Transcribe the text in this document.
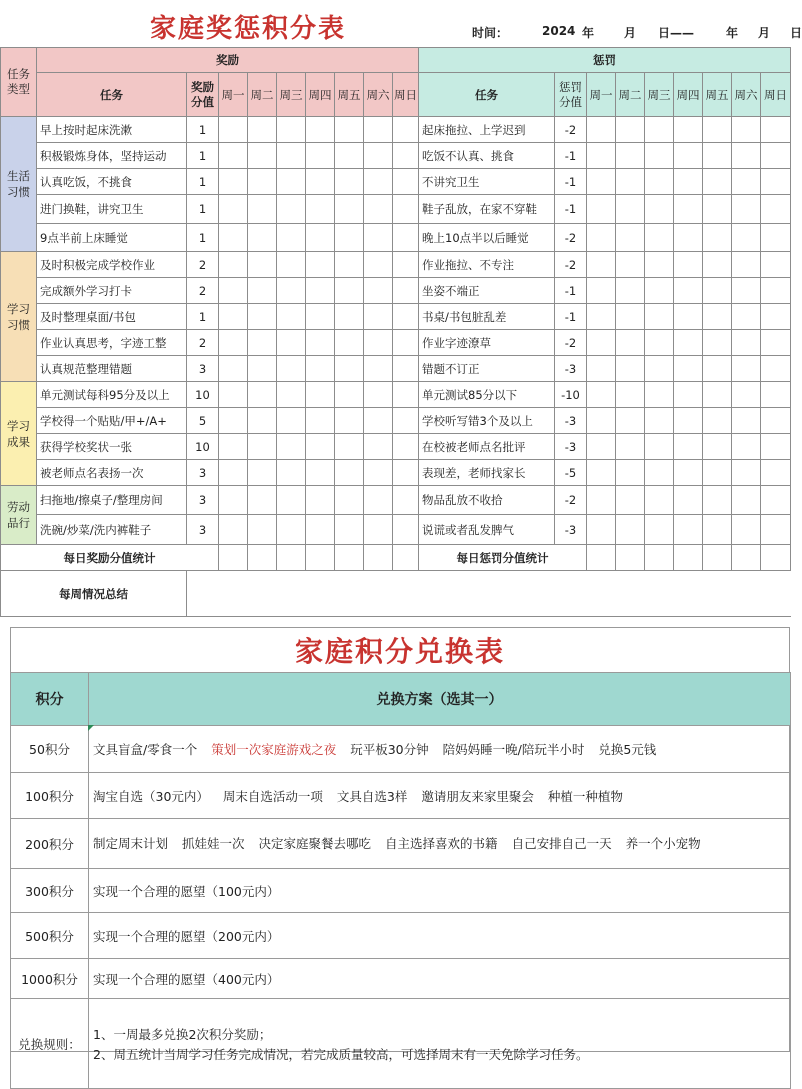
家庭奖惩积分表	时间：	2024 年 月 日——	年 月 日
任务类型	奖励									惩罚								
	任务	奖励分值	周一	周二	周三	周四	周五	周六	周日	任务	惩罚分值	周一	周二	周三	周四	周五	周六	周日
生活习惯	早上按时起床洗漱	1								起床拖拉、上学迟到	-2							
	积极锻炼身体，坚持运动	1								吃饭不认真、挑食	-1							
	认真吃饭，不挑食	1								不讲究卫生	-1							
	进门换鞋，讲究卫生	1								鞋子乱放，在家不穿鞋	-1							
	9点半前上床睡觉	1								晚上10点半以后睡觉	-2							
学习习惯	及时积极完成学校作业	2								作业拖拉、不专注	-2							
	完成额外学习打卡	2								坐姿不端正	-1							
	及时整理桌面/书包	1								书桌/书包脏乱差	-1							
	作业认真思考，字迹工整	2								作业字迹潦草	-2							
	认真规范整理错题	3								错题不订正	-3							
学习成果	单元测试每科95分及以上	10								单元测试85分以下	-10							
	学校得一个贴贴/甲+/A+	5								学校听写错3个及以上	-3							
	获得学校奖状一张	10								在校被老师点名批评	-3							
	被老师点名表扬一次	3								表现差，老师找家长	-5							
劳动品行	扫拖地/擦桌子/整理房间	3								物品乱放不收拾	-2							
	洗碗/炒菜/洗内裤鞋子	3								说谎或者乱发脾气	-3							
每日奖励分值统计										每日惩罚分值统计								
每周情况总结																		
家庭积分兑换表
积分	兑换方案（选其一）
50积分	文具盲盒/零食一个 策划一次家庭游戏之夜 玩平板30分钟 陪妈妈睡一晚/陪玩半小时 兑换5元钱
100积分	淘宝自选（30元内） 周末自选活动一项 文具自选3样 邀请朋友来家里聚会 种植一种植物
200积分	制定周末计划 抓娃娃一次 决定家庭聚餐去哪吃 自主选择喜欢的书籍 自己安排自己一天 养一个小宠物
300积分	实现一个合理的愿望（100元内）
500积分	实现一个合理的愿望（200元内）
1000积分	实现一个合理的愿望（400元内）
兑换规则：	1、一周最多兑换2次积分奖励；
2、周五统计当周学习任务完成情况，若完成质量较高，可选择周末有一天免除学习任务。
